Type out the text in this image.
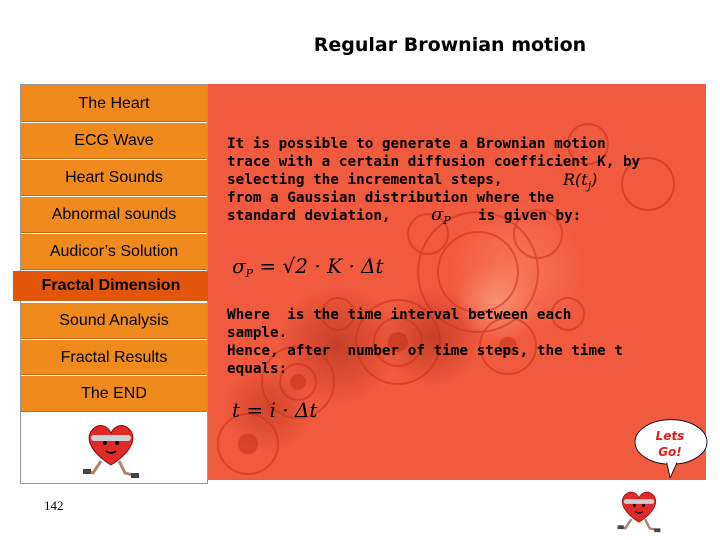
Regular Brownian motion
The Heart
ECG Wave
Heart Sounds
Abnormal sounds
Audicor’s Solution
Fractal Dimension
Sound Analysis
Fractal Results
The END
It is possible to generate a Brownian motion
trace with a certain diffusion coefficient K, by
selecting the incremental steps,	$R(t_j)$
from a Gaussian distribution where the
standard deviation, $\sigma_P$ is given by:
$\sigma_P = √2 \cdot K \cdot \Delta t$
Where  is the time interval between each
sample.
Hence, after  number of time steps, the time t
equals:
t = i · Δt
Lets
Go!
142
